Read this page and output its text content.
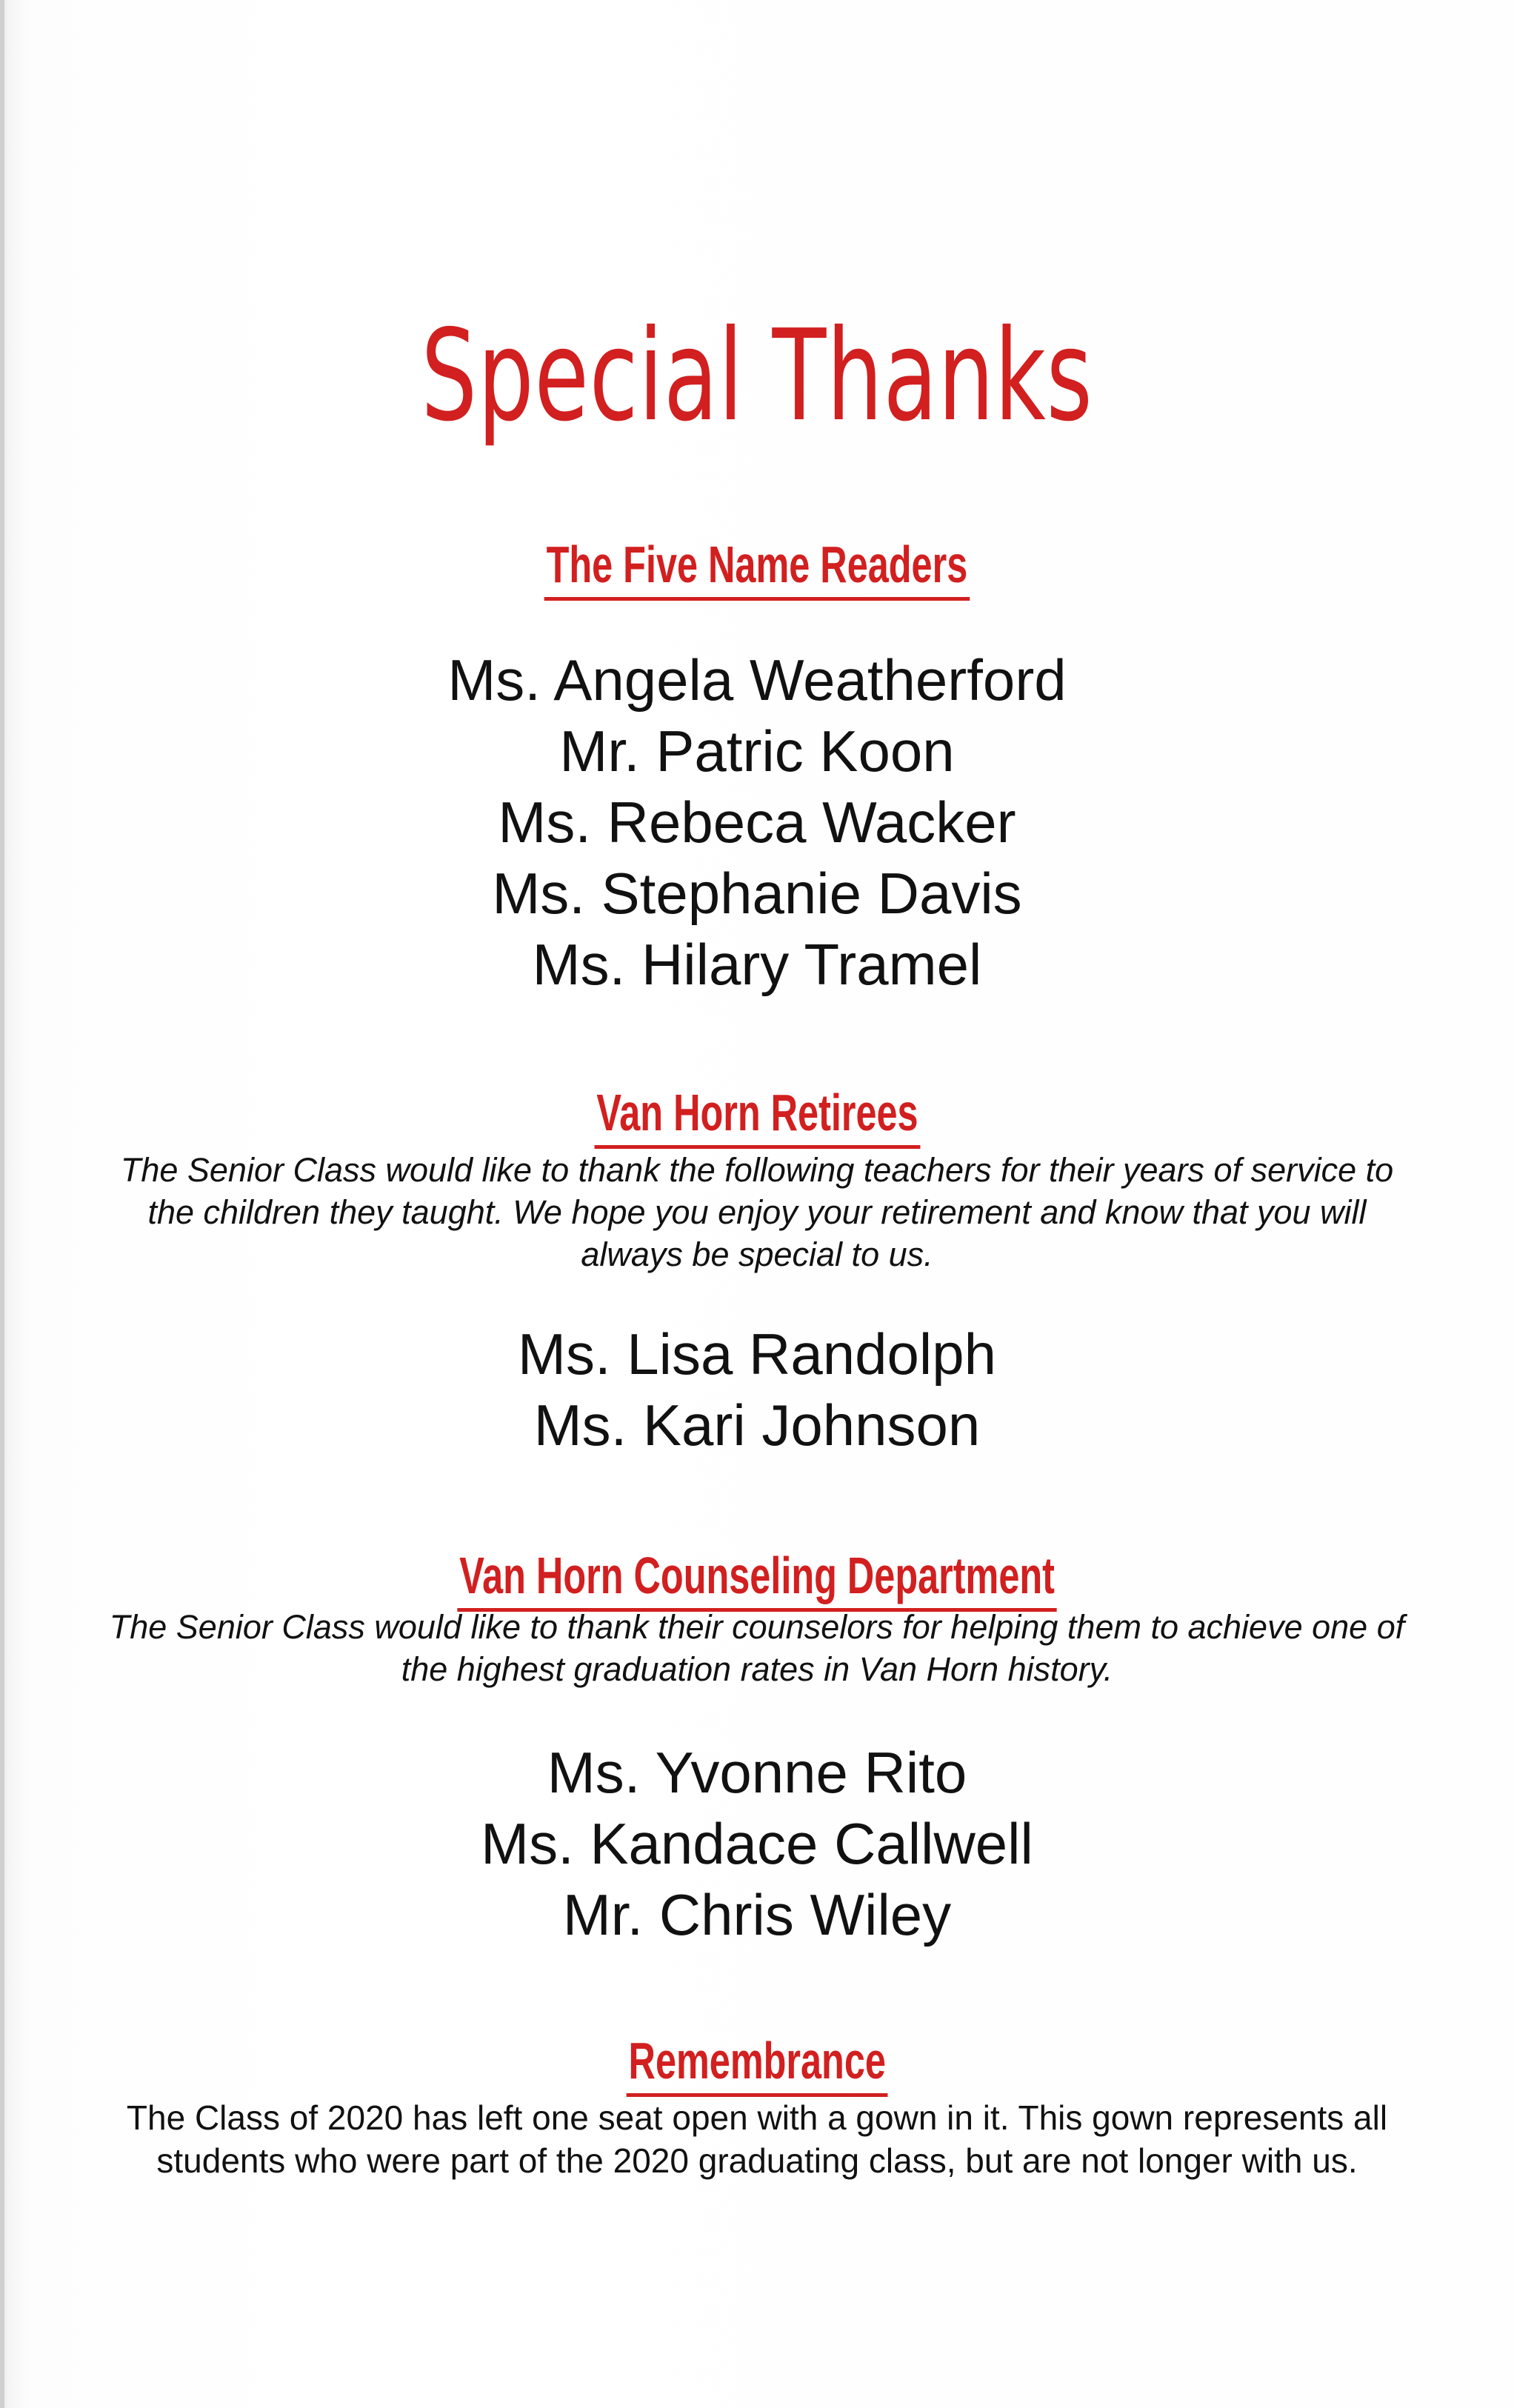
Special Thanks
The Five Name Readers
Ms. Angela Weatherford
Mr. Patric Koon
Ms. Rebeca Wacker
Ms. Stephanie Davis
Ms. Hilary Tramel
Van Horn Retirees
The Senior Class would like to thank the following teachers for their years of service to
the children they taught. We hope you enjoy your retirement and know that you will
always be special to us.
Ms. Lisa Randolph
Ms. Kari Johnson
Van Horn Counseling Department
The Senior Class would like to thank their counselors for helping them to achieve one of
the highest graduation rates in Van Horn history.
Ms. Yvonne Rito
Ms. Kandace Callwell
Mr. Chris Wiley
Remembrance
The Class of 2020 has left one seat open with a gown in it. This gown represents all
students who were part of the 2020 graduating class, but are not longer with us.
